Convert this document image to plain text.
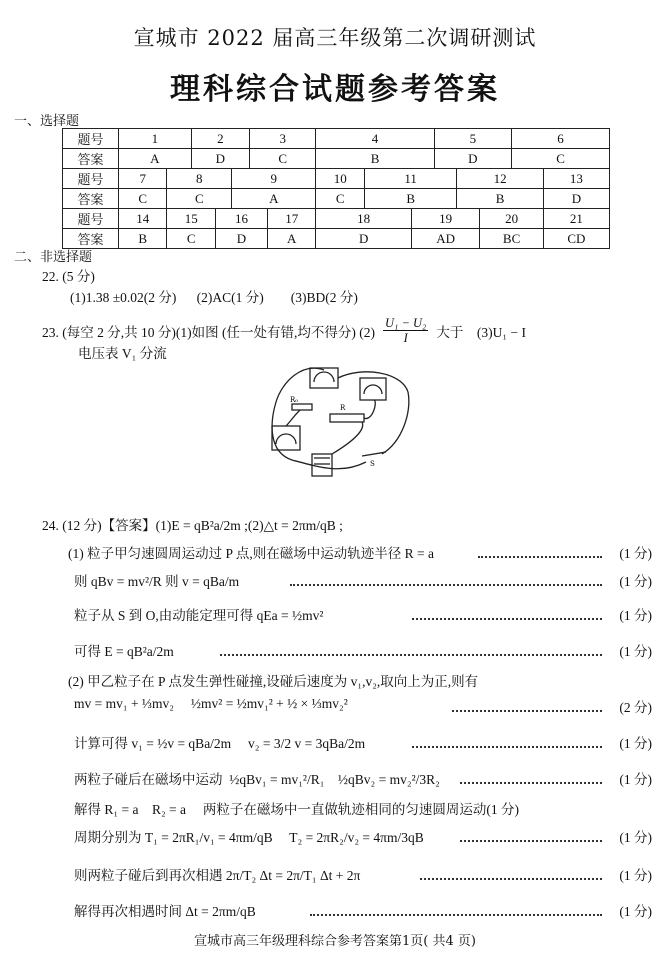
宣城市 2022 届高三年级第二次调研测试
理科综合试题参考答案
一、选择题
题号	1		2			3		4			5			6	
答案	A		D			C		B			D			C	
题号	7	8			9			10	11			12			13
答案	C	C			A			C	B			B			D
题号	14	15		16			17	18		19			20		21
答案	B	C		D			A	D		AD			BC		CD
二、非选择题
22. (5 分)
(1)1.38 ±0.02(2 分)      (2)AC(1 分)        (3)BD(2 分)
23. (每空 2 分,共 10 分)(1)如图 (任一处有错,均不得分) $(2) \frac{\text{U₁ − U₂}}{I}$ 大于    (3)U₁ − I
电压表 V₁ 分流
R₀
R
S
24. (12 分)【答案】(1)E = qB²a/2m ;(2)△t = 2πm/qB ;
(1) 粒子甲匀速圆周运动过 P 点,则在磁场中运动轨迹半径 R = a	(1 分)
则 qBv = mv²/R 则 v = qBa/m	(1 分)
粒子从 S 到 O,由动能定理可得 qEa = ½mv²	(1 分)
可得 E = qB²a/2m	(1 分)
(2) 甲乙粒子在 P 点发生弹性碰撞,设碰后速度为 v₁,v₂,取向上为正,则有
mv = mv₁ + ⅓mv₂     ½mv² = ½mv₁² + ½ × ⅓mv₂²	(2 分)
计算可得 v₁ = ½v = qBa/2m     v₂ = 3/2 v = 3qBa/2m	(1 分)
两粒子碰后在磁场中运动  ½qBv₁ = mv₁²/R₁    ½qBv₂ = mv₂²/3R₂	(1 分)
解得 R₁ = a    R₂ = a     两粒子在磁场中一直做轨迹相同的匀速圆周运动(1 分)
周期分别为 T₁ = 2πR₁/v₁ = 4πm/qB     T₂ = 2πR₂/v₂ = 4πm/3qB	(1 分)
则两粒子碰后到再次相遇 2π/T₂ Δt = 2π/T₁ Δt + 2π	(1 分)
解得再次相遇时间 Δt = 2πm/qB	(1 分)
宣城市高三年级理科综合参考答案第1页( 共4 页)
